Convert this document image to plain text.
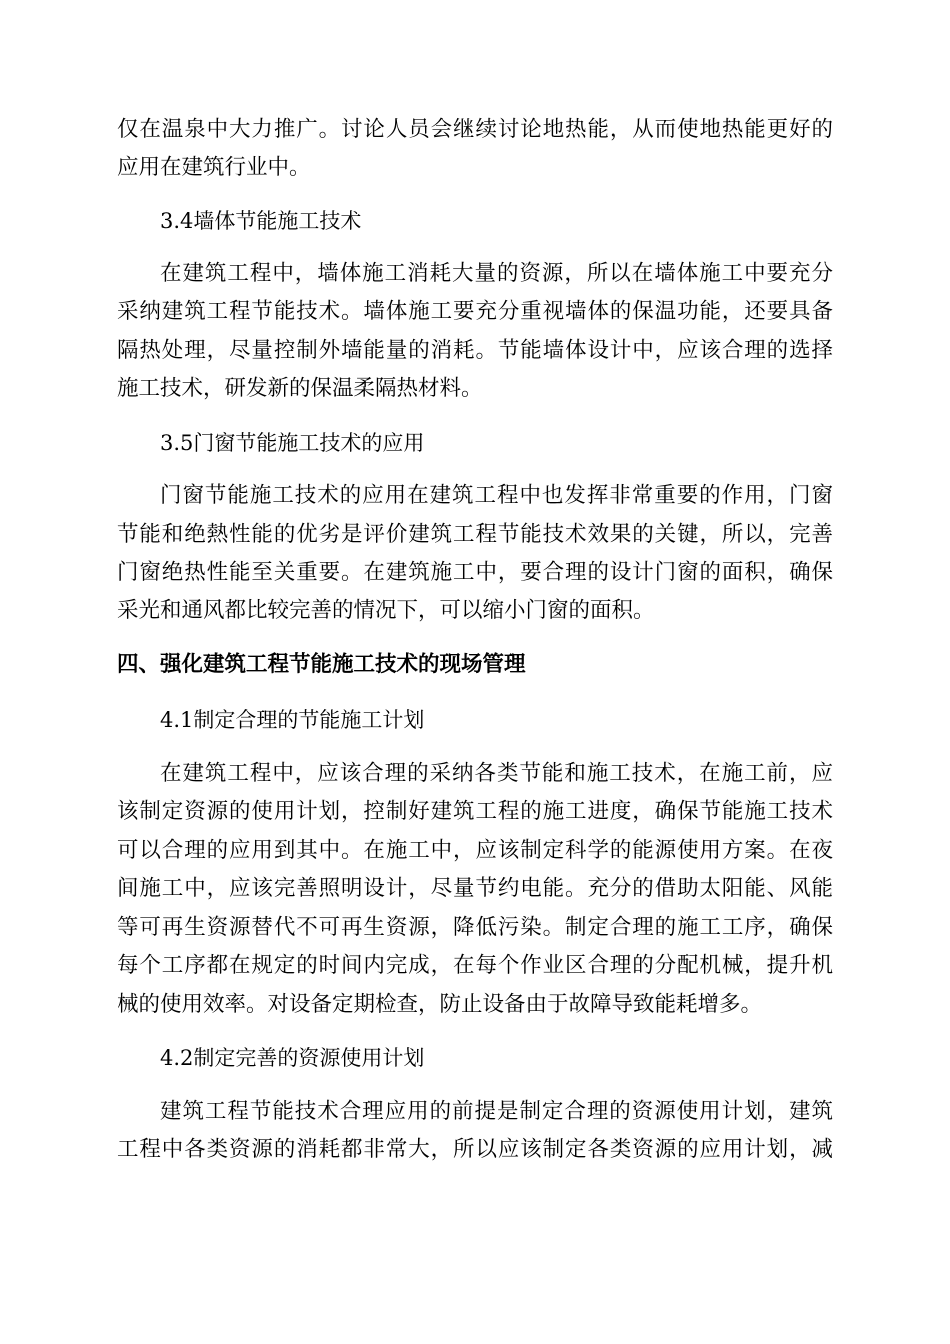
仅在温泉中大力推广。讨论人员会继续讨论地热能，从而使地热能更好的
应用在建筑行业中。
3.4墙体节能施工技术
在建筑工程中，墙体施工消耗大量的资源，所以在墙体施工中要充分
采纳建筑工程节能技术。墙体施工要充分重视墙体的保温功能，还要具备
隔热处理，尽量控制外墙能量的消耗。节能墙体设计中，应该合理的选择
施工技术，研发新的保温柔隔热材料。
3.5门窗节能施工技术的应用
门窗节能施工技术的应用在建筑工程中也发挥非常重要的作用，门窗
节能和绝熱性能的优劣是评价建筑工程节能技术效果的关键，所以，完善
门窗绝热性能至关重要。在建筑施工中，要合理的设计门窗的面积，确保
采光和通风都比较完善的情况下，可以缩小门窗的面积。
四、强化建筑工程节能施工技术的现场管理
4.1制定合理的节能施工计划
在建筑工程中，应该合理的采纳各类节能和施工技术，在施工前，应
该制定资源的使用计划，控制好建筑工程的施工进度，确保节能施工技术
可以合理的应用到其中。在施工中，应该制定科学的能源使用方案。在夜
间施工中，应该完善照明设计，尽量节约电能。充分的借助太阳能、风能
等可再生资源替代不可再生资源，降低污染。制定合理的施工工序，确保
每个工序都在规定的时间内完成，在每个作业区合理的分配机械，提升机
械的使用效率。对设备定期检查，防止设备由于故障导致能耗增多。
4.2制定完善的资源使用计划
建筑工程节能技术合理应用的前提是制定合理的资源使用计划，建筑
工程中各类资源的消耗都非常大，所以应该制定各类资源的应用计划，减
